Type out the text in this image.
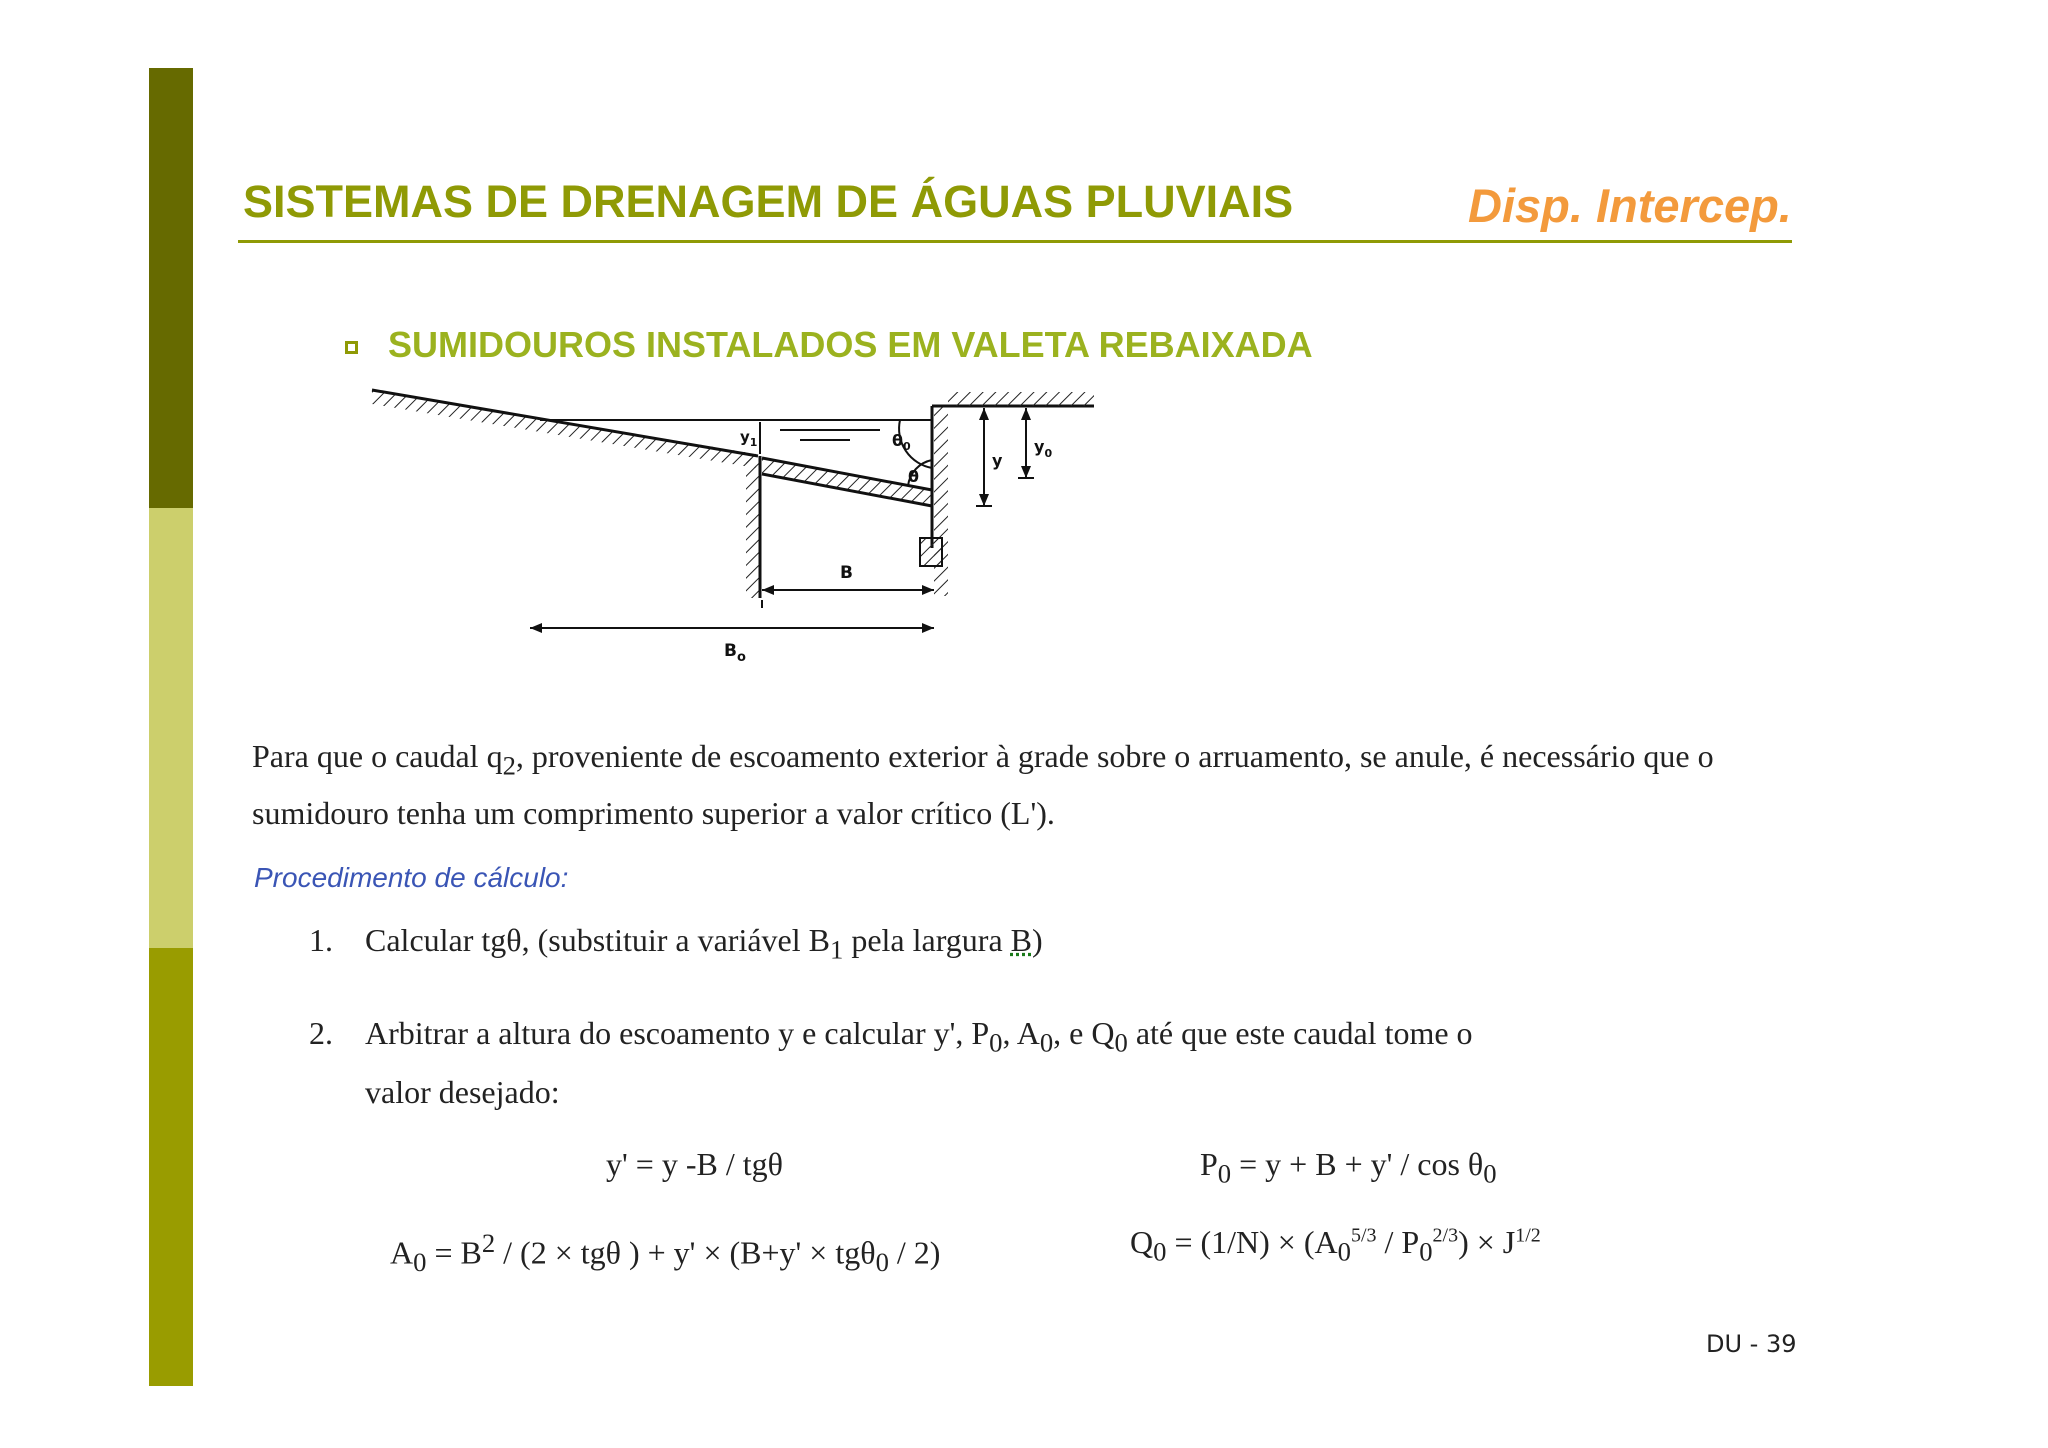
SISTEMAS DE DRENAGEM DE ÁGUAS PLUVIAIS	Disp. Intercep.
SUMIDOUROS INSTALADOS EM VALETA REBAIXADA
$\theta_0$
θ
$y_1$
y
$y_0$
B
$B_o$
Para que o caudal $q_2$, proveniente de escoamento exterior à grade sobre o arruamento, se anule, é necessário que o sumidouro tenha um comprimento superior a valor crítico (L').
Procedimento de cálculo:
1. Calcular tgθ, (substituir a variável $B_1$ pela largura B)
2. Arbitrar a altura do escoamento y e calcular y', $P_0$, $A_0$, e $Q_0$ até que este caudal tome o
valor desejado:
y' = y -B / tgθ	$P_0 = y + B + y' / \cos \theta_0$
$A_0 = B^2 / (2 \times tg\theta$ ) + y' × (B+y' × tgθ$_0$ / 2)	$Q_0 = (1/N) \times (A_0^{5/3} / P_0^{2/3}) \times J^{1/2}$
DU - 39
